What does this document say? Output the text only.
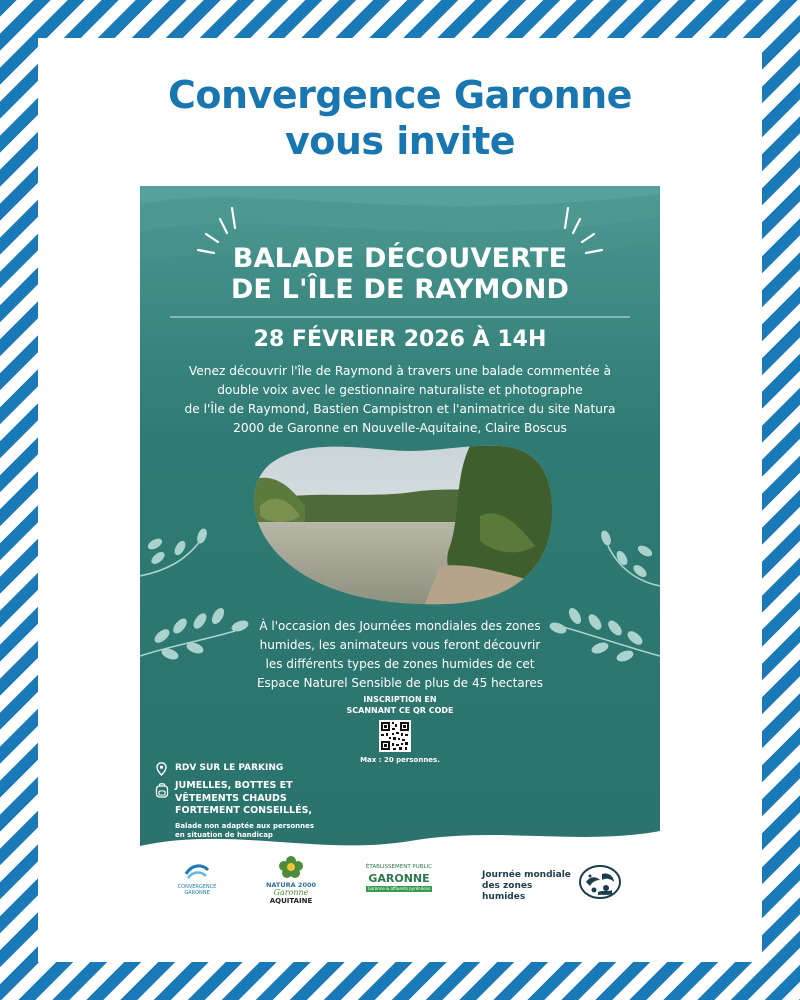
Convergence Garonne
vous invite
BALADE DÉCOUVERTE
DE L'ÎLE DE RAYMOND
28 FÉVRIER 2026 À 14H
Venez découvrir l'île de Raymond à travers une balade commentée à
double voix avec le gestionnaire naturaliste et photographe
de l'Île de Raymond, Bastien Campistron et l'animatrice du site Natura
2000 de Garonne en Nouvelle-Aquitaine, Claire Boscus
À l'occasion des Journées mondiales des zones
humides, les animateurs vous feront découvrir
les différents types de zones humides de cet
Espace Naturel Sensible de plus de 45 hectares
INSCRIPTION EN
SCANNANT CE QR CODE
Max : 20 personnes.
RDV SUR LE PARKING
JUMELLES, BOTTES ET
VÊTEMENTS CHAUDS
FORTEMENT CONSEILLÉS,
Balade non adaptée aux personnes
en situation de handicap
CONVERGENCE
GARONNE
NATURA 2000
Garonne
AQUITAINE
ÉTABLISSEMENT PUBLIC
GARONNE
Garonne & affluents pyrénéens
Journée mondiale
des zones humides
